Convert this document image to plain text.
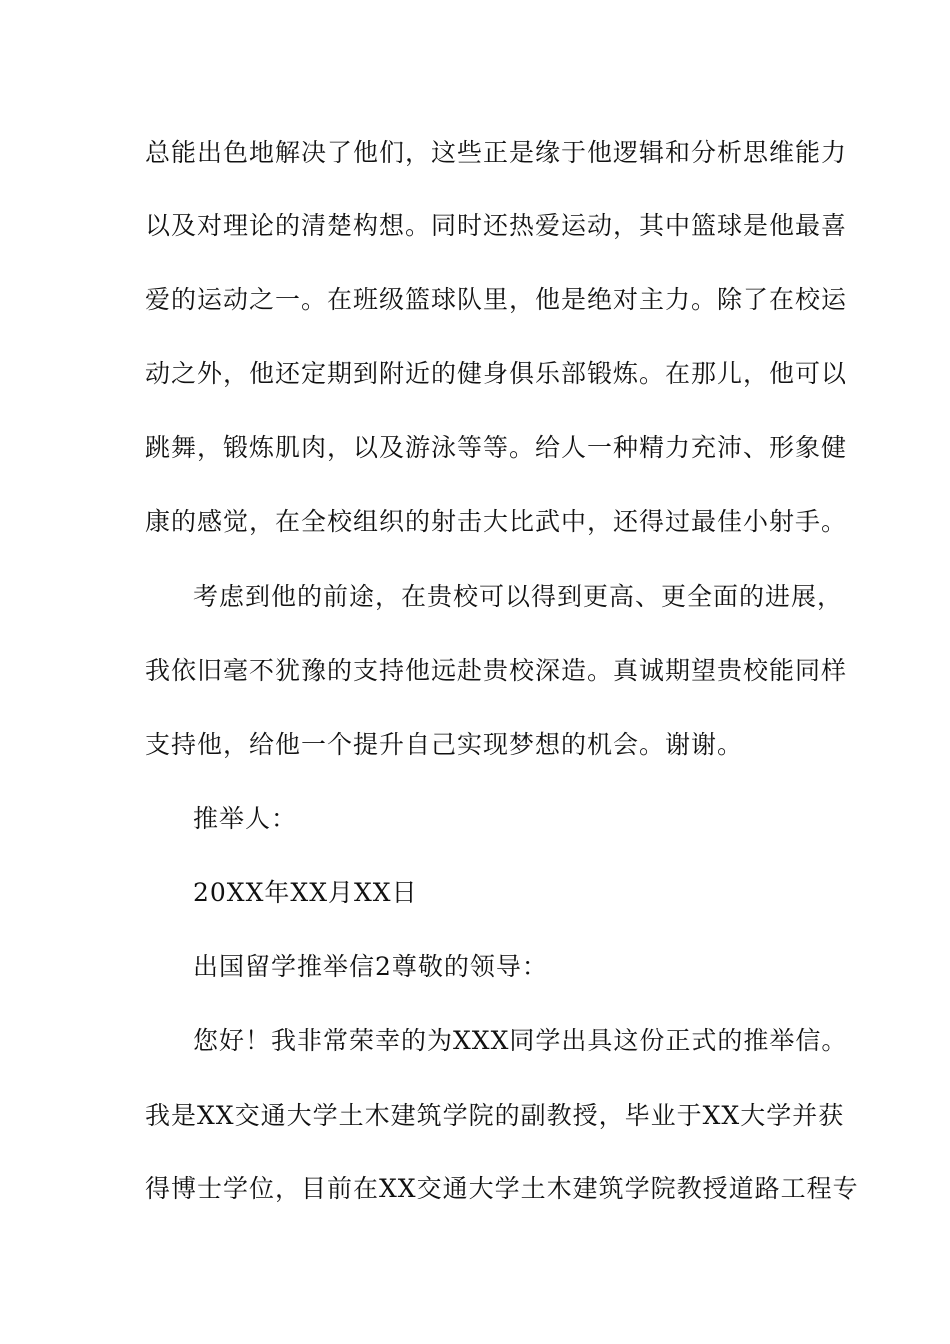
总能出色地解决了他们，这些正是缘于他逻辑和分析思维能力
以及对理论的清楚构想。同时还热爱运动，其中篮球是他最喜
爱的运动之一。在班级篮球队里，他是绝对主力。除了在校运
动之外，他还定期到附近的健身俱乐部锻炼。在那儿，他可以
跳舞，锻炼肌肉，以及游泳等等。给人一种精力充沛、形象健
康的感觉，在全校组织的射击大比武中，还得过最佳小射手。
考虑到他的前途，在贵校可以得到更高、更全面的进展，
我依旧毫不犹豫的支持他远赴贵校深造。真诚期望贵校能同样
支持他，给他一个提升自己实现梦想的机会。谢谢。
推举人：
20XX年XX月XX日
出国留学推举信2尊敬的领导：
您好！我非常荣幸的为XXX同学出具这份正式的推举信。
我是XX交通大学土木建筑学院的副教授，毕业于XX大学并获
得博士学位，目前在XX交通大学土木建筑学院教授道路工程专
